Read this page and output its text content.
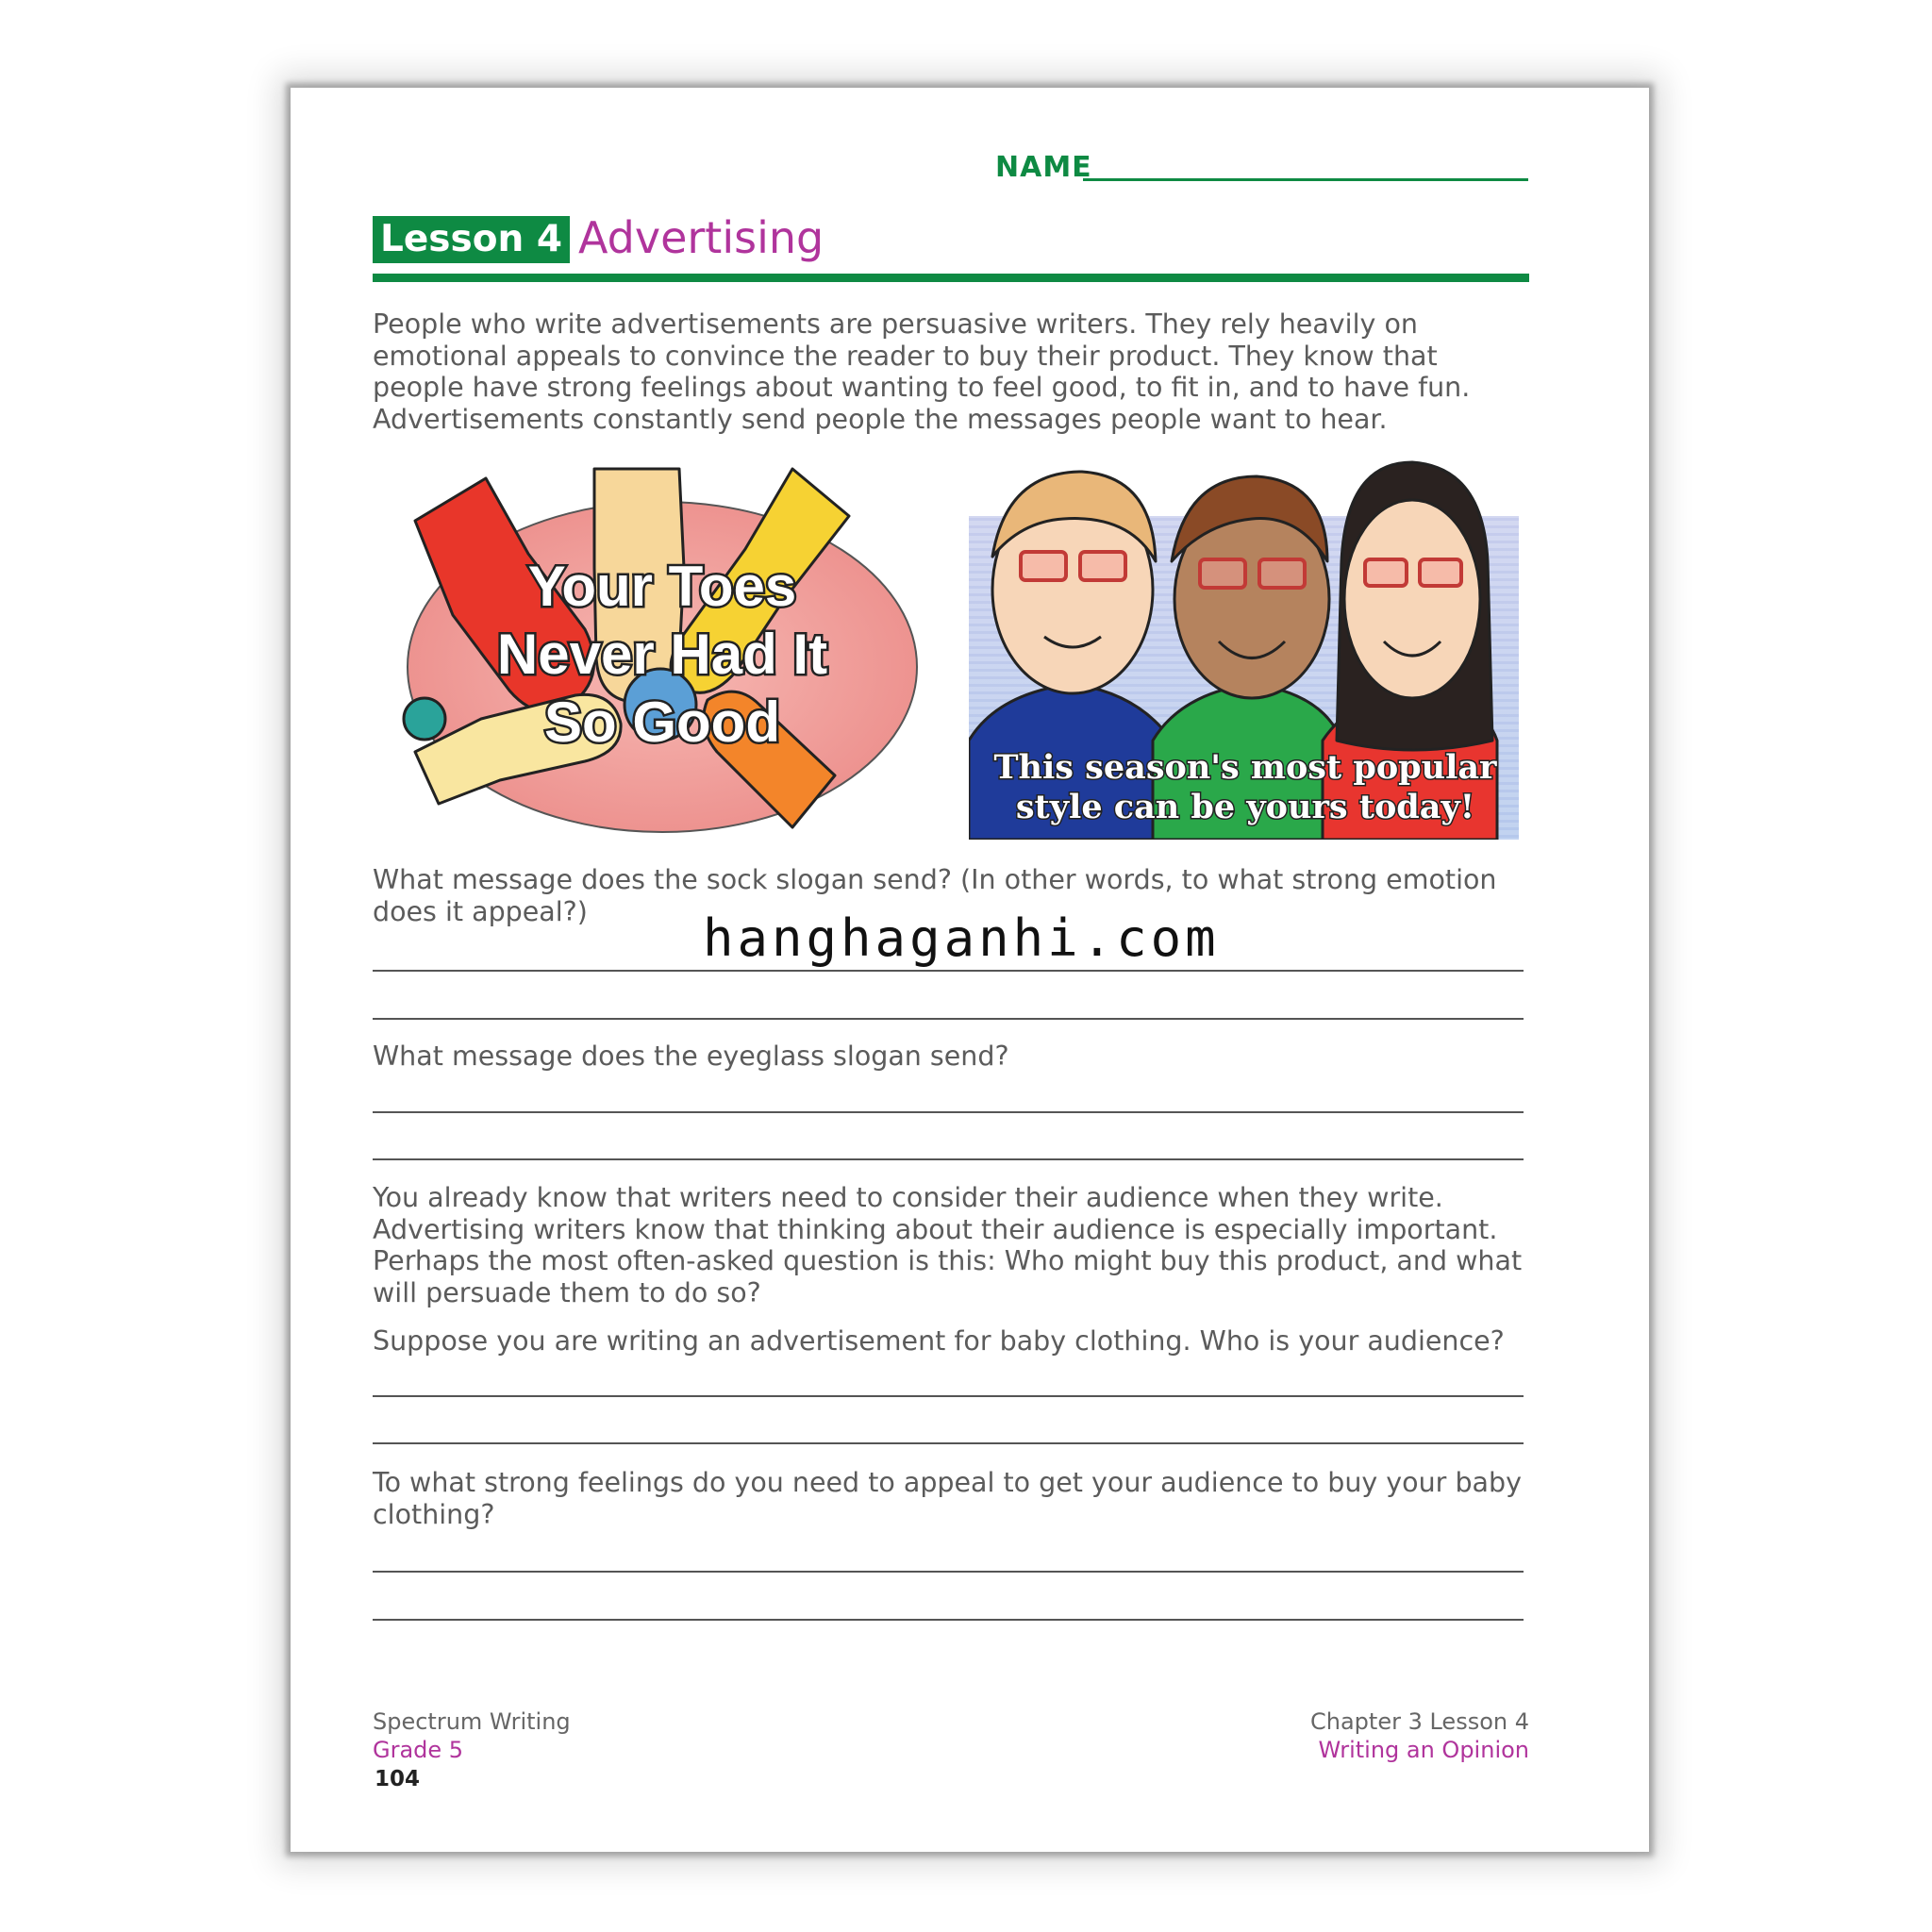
NAME
Lesson 4 Advertising
People who write advertisements are persuasive writers. They rely heavily on emotional appeals to convince the reader to buy their product. They know that people have strong feelings about wanting to feel good, to fit in, and to have fun. Advertisements constantly send people the messages people want to hear.
Your Toes
Never Had It
So Good
This season's most popular
style can be yours today!
What message does the sock slogan send? (In other words, to what strong emotion does it appeal?)
What message does the eyeglass slogan send?
You already know that writers need to consider their audience when they write. Advertising writers know that thinking about their audience is especially important. Perhaps the most often-asked question is this: Who might buy this product, and what will persuade them to do so?
Suppose you are writing an advertisement for baby clothing. Who is your audience?
To what strong feelings do you need to appeal to get your audience to buy your baby clothing?
Spectrum Writing
Grade 5
Chapter 3 Lesson 4
Writing an Opinion
104
hanghaganhi.com
